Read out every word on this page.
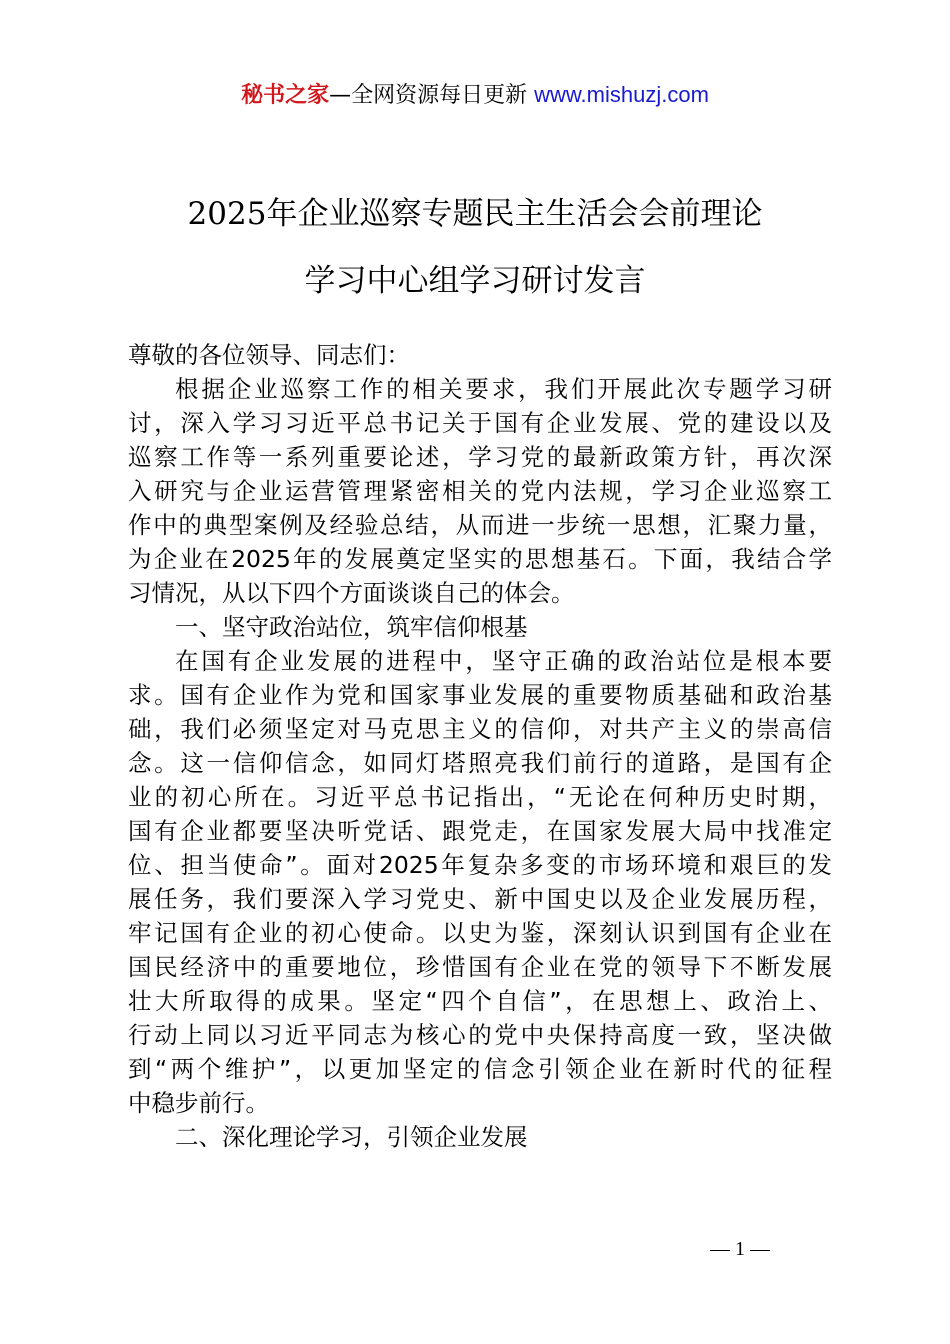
秘书之家—全网资源每日更新 www.mishuzj.com
2025年企业巡察专题民主生活会会前理论
学习中心组学习研讨发言
尊敬的各位领导、同志们：
根据企业巡察工作的相关要求，我们开展此次专题学习研
讨，深入学习习近平总书记关于国有企业发展、党的建设以及
巡察工作等一系列重要论述，学习党的最新政策方针，再次深
入研究与企业运营管理紧密相关的党内法规，学习企业巡察工
作中的典型案例及经验总结，从而进一步统一思想，汇聚力量，
为企业在2025年的发展奠定坚实的思想基石。下面，我结合学
习情况，从以下四个方面谈谈自己的体会。
一、坚守政治站位，筑牢信仰根基
在国有企业发展的进程中，坚守正确的政治站位是根本要
求。国有企业作为党和国家事业发展的重要物质基础和政治基
础，我们必须坚定对马克思主义的信仰，对共产主义的崇高信
念。这一信仰信念，如同灯塔照亮我们前行的道路，是国有企
业的初心所在。习近平总书记指出，“无论在何种历史时期，
国有企业都要坚决听党话、跟党走，在国家发展大局中找准定
位、担当使命”。面对2025年复杂多变的市场环境和艰巨的发
展任务，我们要深入学习党史、新中国史以及企业发展历程，
牢记国有企业的初心使命。以史为鉴，深刻认识到国有企业在
国民经济中的重要地位，珍惜国有企业在党的领导下不断发展
壮大所取得的成果。坚定“四个自信”，在思想上、政治上、
行动上同以习近平同志为核心的党中央保持高度一致，坚决做
到“两个维护”，以更加坚定的信念引领企业在新时代的征程
中稳步前行。
二、深化理论学习，引领企业发展
— 1 —
